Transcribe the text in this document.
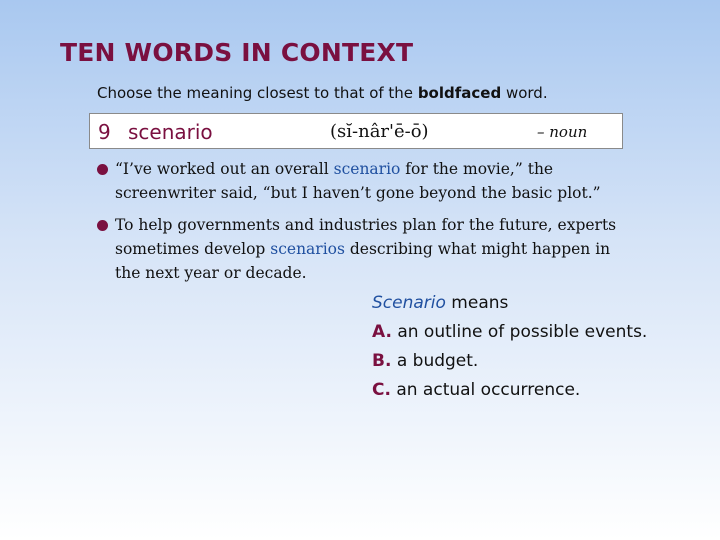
TEN WORDS IN CONTEXT
Choose the meaning closest to that of the boldfaced word.
9 scenario	(sĭ-nâr'ē-ō)	– noun
“I’ve worked out an overall scenario for the movie,” the
screenwriter said, “but I haven’t gone beyond the basic plot.”
To help governments and industries plan for the future, experts
sometimes develop scenarios describing what might happen in
the next year or decade.
Scenario means
A. an outline of possible events.
B. a budget.
C. an actual occurrence.
